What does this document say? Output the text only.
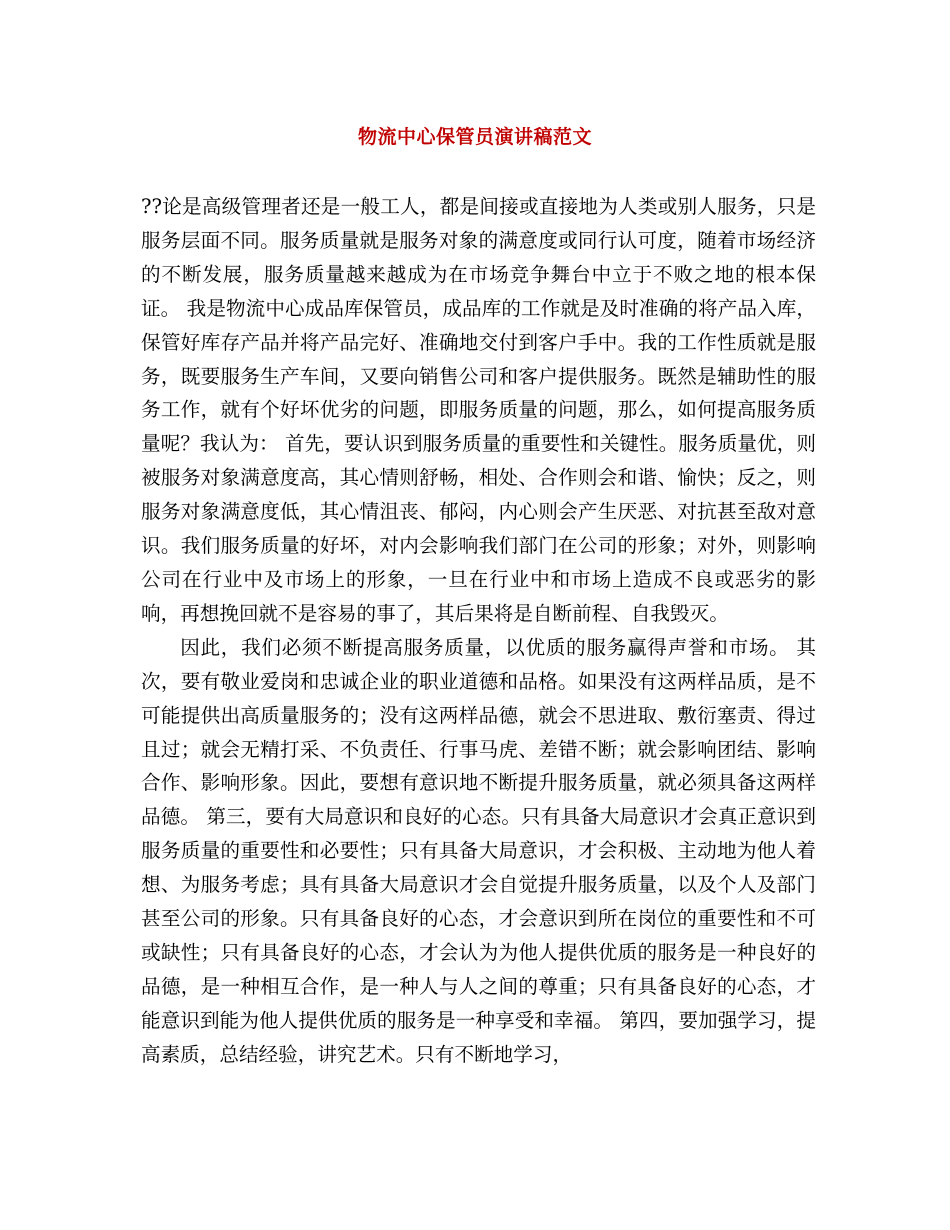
物流中心保管员演讲稿范文

??论是高级管理者还是一般工人，都是间接或直接地为人类或别人服务，只是服务层面不同。服务质量就是服务对象的满意度或同行认可度，随着市场经济的不断发展，服务质量越来越成为在市场竞争舞台中立于不败之地的根本保证。 我是物流中心成品库保管员，成品库的工作就是及时准确的将产品入库，保管好库存产品并将产品完好、准确地交付到客户手中。我的工作性质就是服务，既要服务生产车间，又要向销售公司和客户提供服务。既然是辅助性的服务工作，就有个好坏优劣的问题，即服务质量的问题，那么，如何提高服务质量呢？我认为： 首先，要认识到服务质量的重要性和关键性。服务质量优，则被服务对象满意度高，其心情则舒畅，相处、合作则会和谐、愉快；反之，则服务对象满意度低，其心情沮丧、郁闷，内心则会产生厌恶、对抗甚至敌对意识。我们服务质量的好坏，对内会影响我们部门在公司的形象；对外，则影响公司在行业中及市场上的形象，一旦在行业中和市场上造成不良或恶劣的影响，再想挽回就不是容易的事了，其后果将是自断前程、自我毁灭。

因此，我们必须不断提高服务质量，以优质的服务赢得声誉和市场。 其次，要有敬业爱岗和忠诚企业的职业道德和品格。如果没有这两样品质，是不可能提供出高质量服务的；没有这两样品德，就会不思进取、敷衍塞责、得过且过；就会无精打采、不负责任、行事马虎、差错不断；就会影响团结、影响合作、影响形象。因此，要想有意识地不断提升服务质量，就必须具备这两样品德。 第三，要有大局意识和良好的心态。只有具备大局意识才会真正意识到服务质量的重要性和必要性；只有具备大局意识，才会积极、主动地为他人着想、为服务考虑；具有具备大局意识才会自觉提升服务质量，以及个人及部门甚至公司的形象。只有具备良好的心态，才会意识到所在岗位的重要性和不可或缺性；只有具备良好的心态，才会认为为他人提供优质的服务是一种良好的品德，是一种相互合作，是一种人与人之间的尊重；只有具备良好的心态，才能意识到能为他人提供优质的服务是一种享受和幸福。 第四，要加强学习，提高素质，总结经验，讲究艺术。只有不断地学习，
